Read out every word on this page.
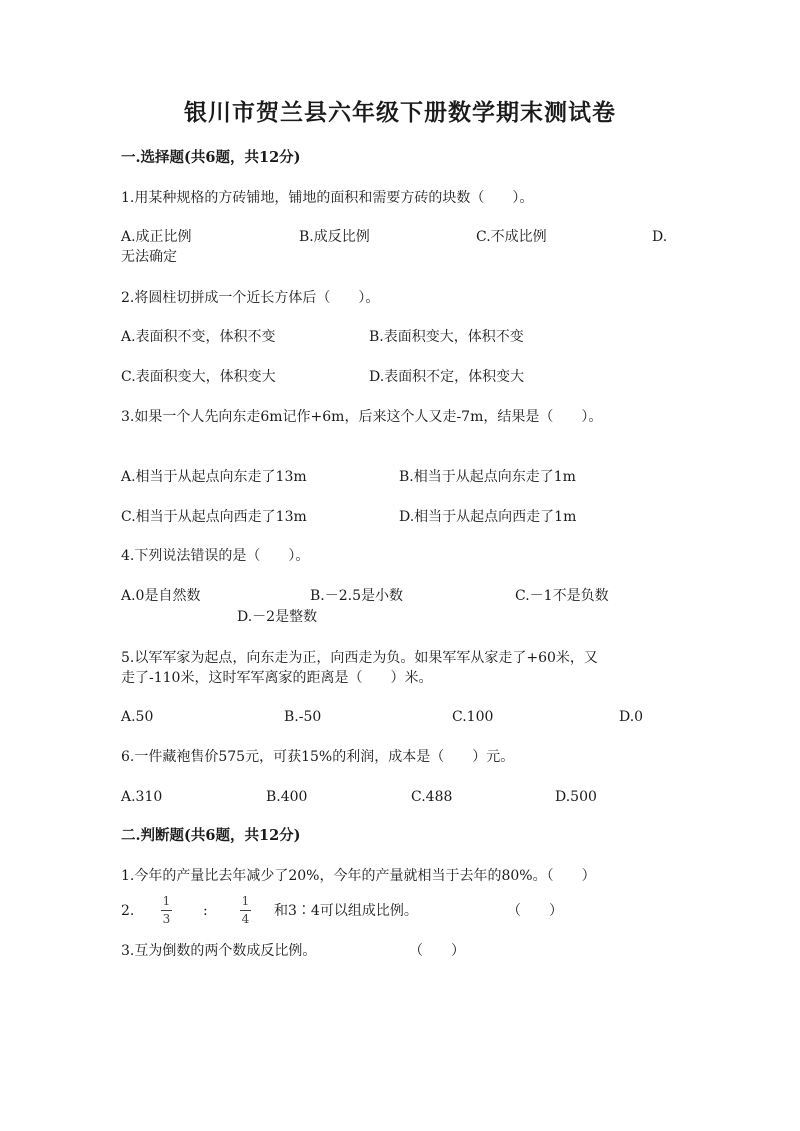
银川市贺兰县六年级下册数学期末测试卷
一.选择题(共6题，共12分)
1.用某种规格的方砖铺地，铺地的面积和需要方砖的块数（　　）。
A.成正比例	B.成反比例	C.不成比例	D.
无法确定
2.将圆柱切拼成一个近长方体后（　　）。
A.表面积不变，体积不变	B.表面积变大，体积不变
C.表面积变大，体积变大	D.表面积不定，体积变大
3.如果一个人先向东走6m记作+6m，后来这个人又走-7m，结果是（　　）。
A.相当于从起点向东走了13m	B.相当于从起点向东走了1m
C.相当于从起点向西走了13m	D.相当于从起点向西走了1m
4.下列说法错误的是（　　）。
A.0是自然数	B.－2.5是小数	C.－1不是负数
D.－2是整数
5.以军军家为起点，向东走为正，向西走为负。如果军军从家走了+60米，又
走了-110米，这时军军离家的距离是（　　）米。
A.50	B.-50	C.100	D.0
6.一件藏袍售价575元，可获15%的利润，成本是（　　）元。
A.310	B.400	C.488	D.500
二.判断题(共6题，共12分)
1.今年的产量比去年减少了20%，今年的产量就相当于去年的80%。（　　）
2.
1
3 :
1
4 和3∶4可以组成比例。	（　　）
3.互为倒数的两个数成反比例。	（　　）
